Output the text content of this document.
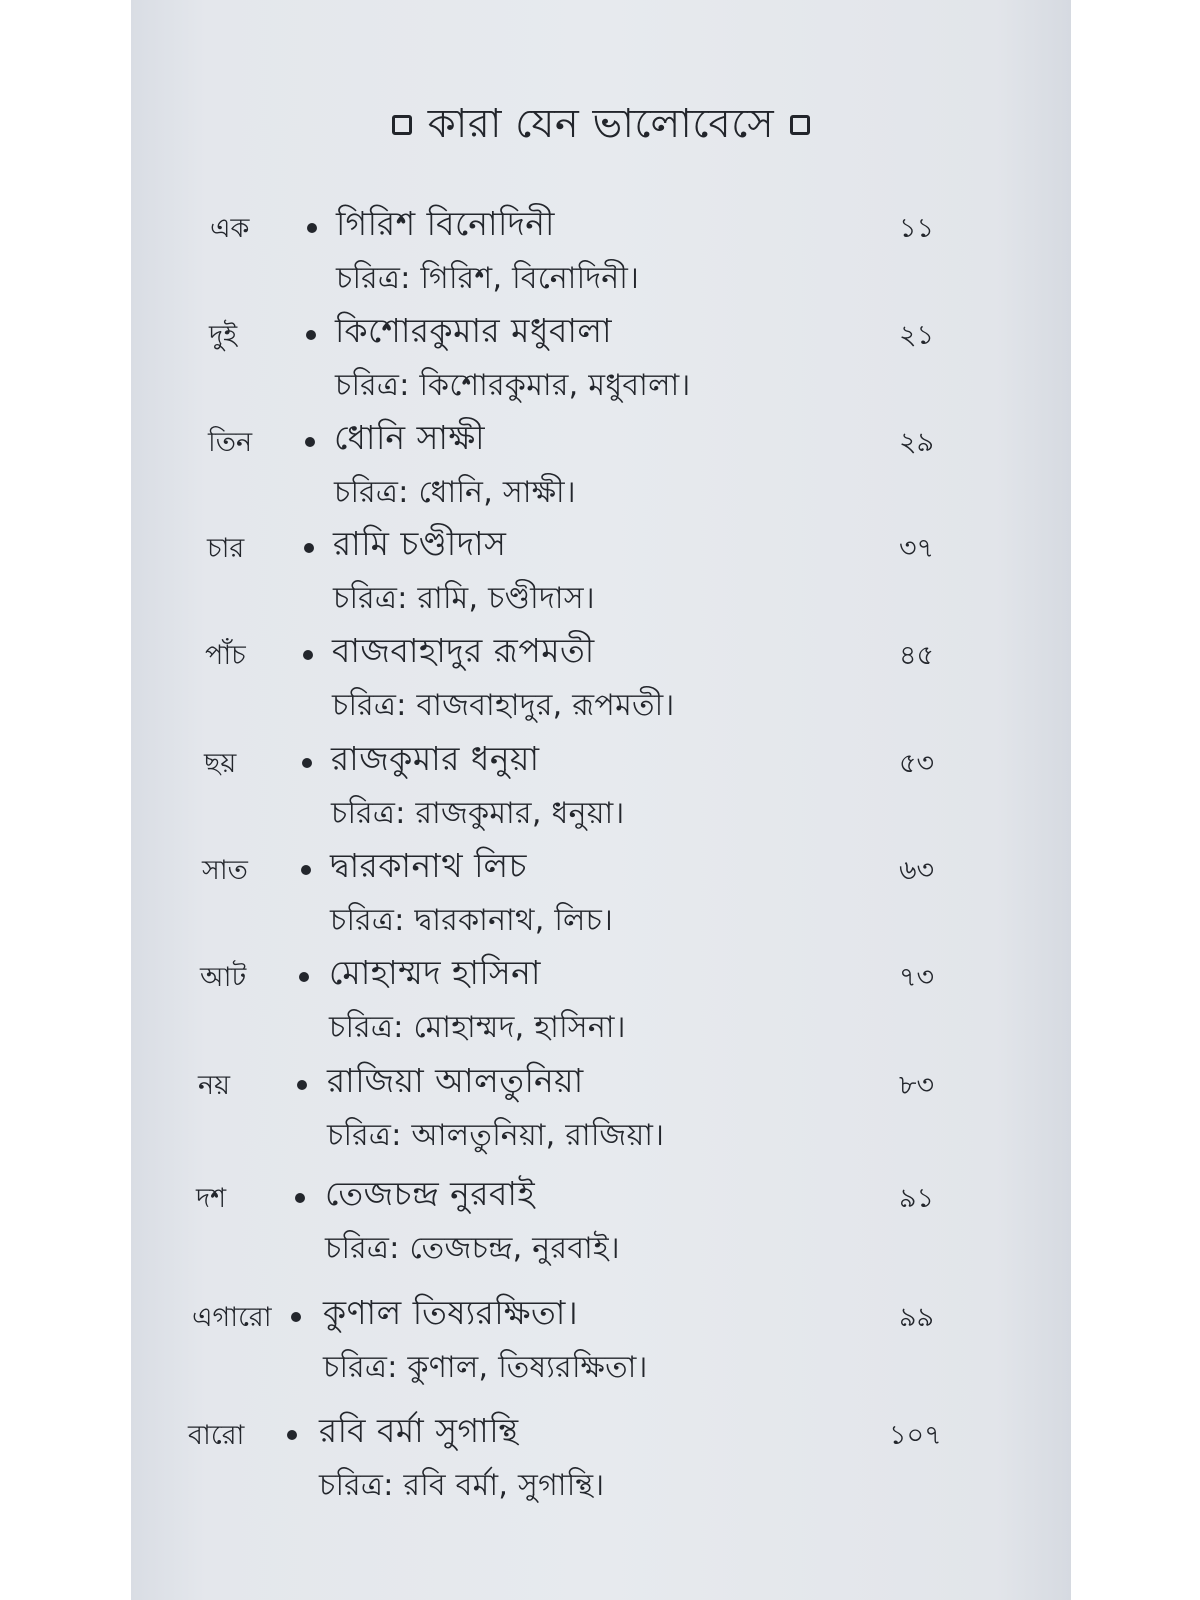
কারা যেন ভালোবেসে
এক	গিরিশ বিনোদিনী
চরিত্র: গিরিশ, বিনোদিনী।
১১
দুই	কিশোরকুমার মধুবালা
চরিত্র: কিশোরকুমার, মধুবালা।
২১
তিন ধোনি সাক্ষী
চরিত্র: ধোনি, সাক্ষী।
২৯
চার	রামি চণ্ডীদাস
চরিত্র: রামি, চণ্ডীদাস।
৩৭
পাঁচ	বাজবাহাদুর রূপমতী
চরিত্র: বাজবাহাদুর, রূপমতী।
৪৫
ছয়	রাজকুমার ধনুয়া
চরিত্র: রাজকুমার, ধনুয়া।
৫৩
সাত দ্বারকানাথ লিচ
চরিত্র: দ্বারকানাথ, লিচ।
৬৩
আট	মোহাম্মদ হাসিনা
চরিত্র: মোহাম্মদ, হাসিনা।
৭৩
নয়	রাজিয়া আলতুনিয়া
চরিত্র: আলতুনিয়া, রাজিয়া।
৮৩
দশ	তেজচন্দ্র নুরবাই
চরিত্র: তেজচন্দ্র, নুরবাই।
৯১
এগারো কুণাল তিষ্যরক্ষিতা।
চরিত্র: কুণাল, তিষ্যরক্ষিতা।
৯৯
বারো রবি বর্মা সুগান্থি
চরিত্র: রবি বর্মা, সুগান্থি।
১০৭
